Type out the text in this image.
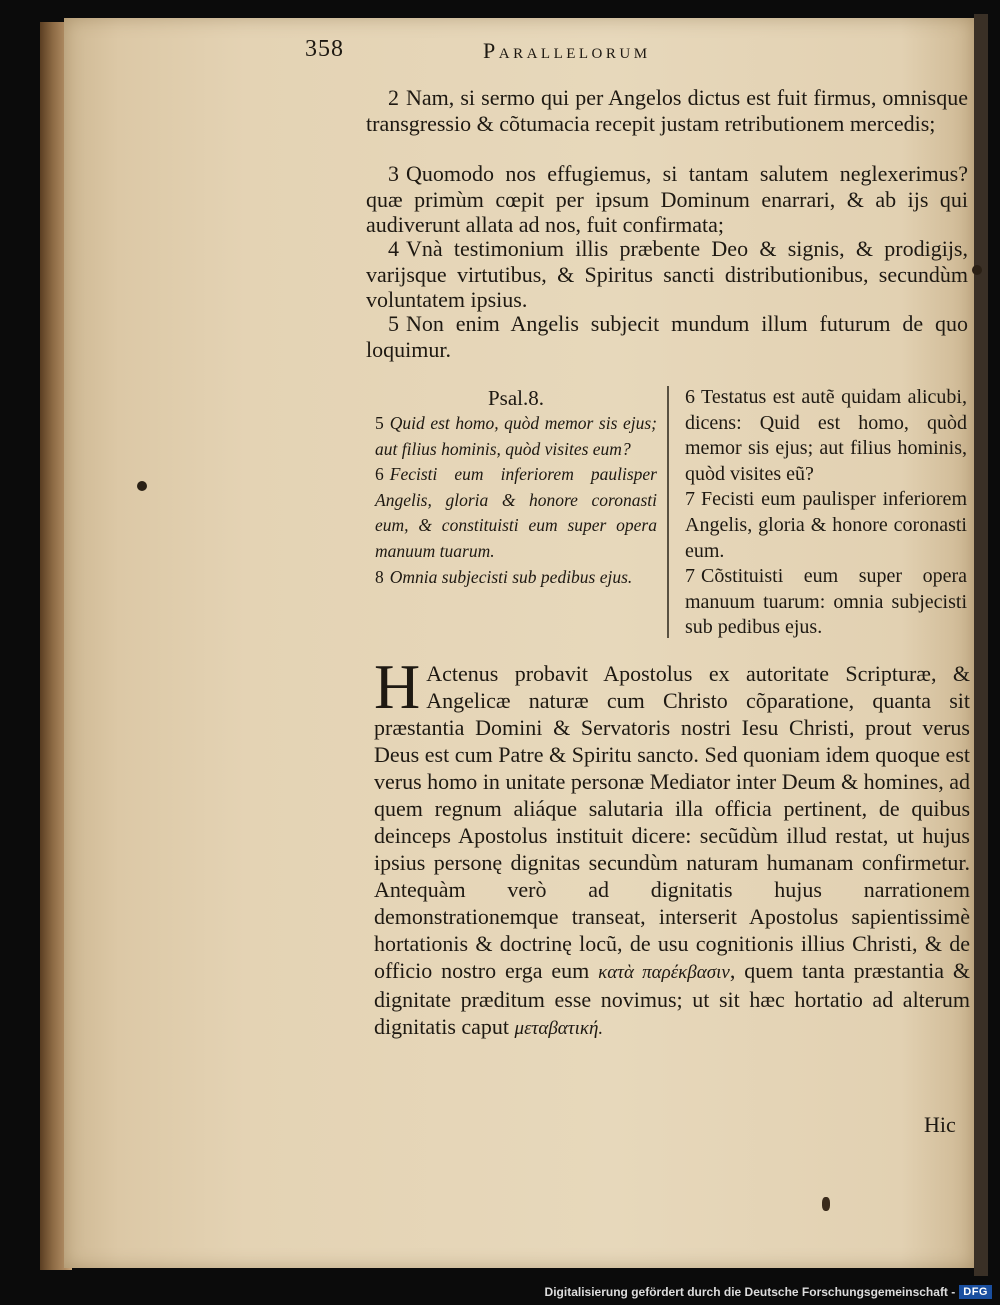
358	Parallelorum
2 Nam, si sermo qui per Angelos dictus est fuit firmus, omnisque transgressio & cõtumacia recepit justam retributionem mercedis;
3 Quomodo nos effugiemus, si tantam salutem neglexerimus? quæ primùm cœpit per ipsum Dominum enarrari, & ab ijs qui audiverunt allata ad nos, fuit confirmata;
4 Vnà testimonium illis præbente Deo & signis, & prodigijs, varijsque virtutibus, & Spiritus sancti distributionibus, secundùm voluntatem ipsius.
5 Non enim Angelis subjecit mundum illum futurum de quo loquimur.
Psal.8.
5 Quid est homo, quòd memor sis ejus; aut filius hominis, quòd visites eum?
6 Fecisti eum inferiorem paulisper Angelis, gloria & honore coronasti eum, & constituisti eum super opera manuum tuarum.
8 Omnia subjecisti sub pedibus ejus.
6 Testatus est autẽ quidam alicubi, dicens: Quid est homo, quòd memor sis ejus; aut filius hominis, quòd visites eũ?
7 Fecisti eum paulisper inferiorem Angelis, gloria & honore coronasti eum.
7 Cõstituisti eum super opera manuum tuarum: omnia subjecisti sub pedibus ejus.
H Actenus probavit Apostolus ex autoritate Scripturæ, & Angelicæ naturæ cum Christo cõparatione, quanta sit præstantia Domini & Servatoris nostri Iesu Christi, prout verus Deus est cum Patre & Spiritu sancto. Sed quoniam idem quoque est verus homo in unitate personæ Mediator inter Deum & homines, ad quem regnum aliáque salutaria illa officia pertinent, de quibus deinceps Apostolus instituit dicere: secũdùm illud restat, ut hujus ipsius personę dignitas secundùm naturam humanam confirmetur. Antequàm verò ad dignitatis hujus narrationem demonstrationemque transeat, interserit Apostolus sapientissimè hortationis & doctrinę locũ, de usu cognitionis illius Christi, & de officio nostro erga eum κατὰ παρέκβασιν, quem tanta præstantia & dignitate præditum esse novimus; ut sit hæc hortatio ad alterum dignitatis caput μεταβατική.
Hic
Digitalisierung gefördert durch die Deutsche Forschungsgemeinschaft - DFG
